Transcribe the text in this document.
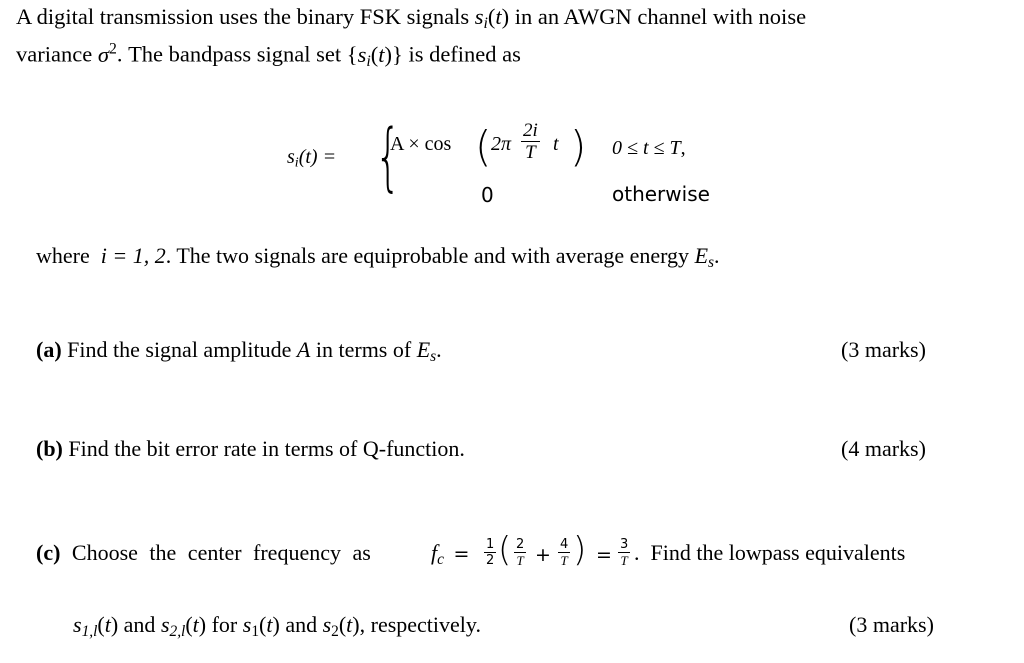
A digital transmission uses the binary FSK signals $s_i(t)$ in an AWGN channel with noise
variance $\sigma^2$. The bandpass signal set $\{s_i(t)\}$ is defined as
$s_i(t)$ = {
A × cos ( $2\pi \frac{2i}{T}$ t ) 0 ≤ t ≤ T,
0	otherwise
where i = 1, 2. The two signals are equiprobable and with average energy $E_s$.
(a) Find the signal amplitude A in terms of $E_s$.	(3 marks)
(b) Find the bit error rate in terms of Q-function.	(4 marks)
(c) Choose the center frequency as	$f_c = \frac{1}{2}$ ( $\frac{2}{T} + \frac{4}{T}$ ) = $\frac{3}{T}$ .  Find the lowpass equivalents
$s_{1,l}(t)$ and $s_{2,l}(t)$ for $s_1(t)$ and $s_2(t)$, respectively.	(3 marks)
